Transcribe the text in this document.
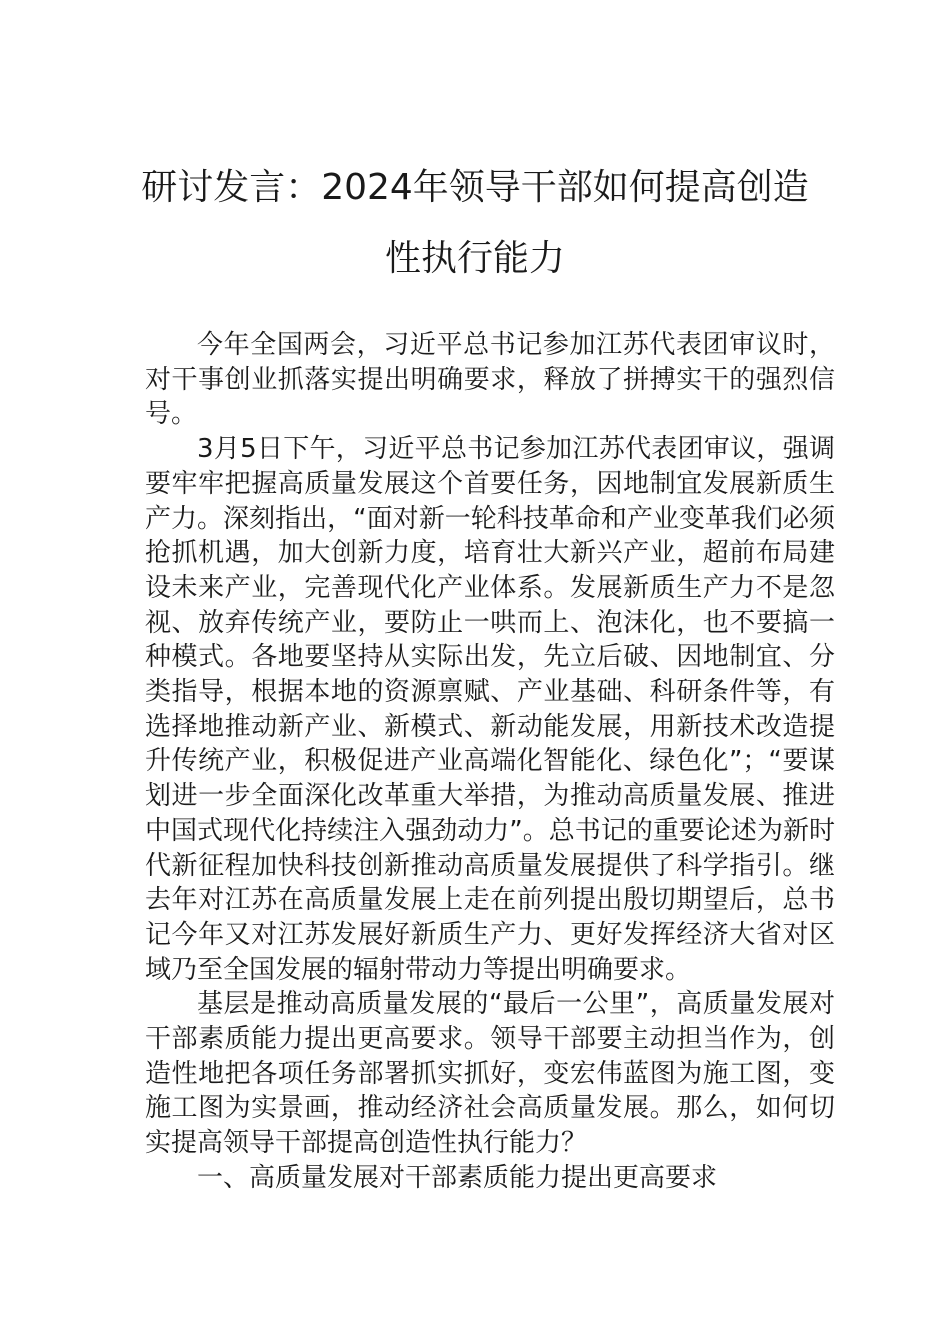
研讨发言：2024年领导干部如何提高创造
性执行能力

今年全国两会，习近平总书记参加江苏代表团审议时，对干事创业抓落实提出明确要求，释放了拼搏实干的强烈信号。

3月5日下午，习近平总书记参加江苏代表团审议，强调要牢牢把握高质量发展这个首要任务，因地制宜发展新质生产力。深刻指出，“面对新一轮科技革命和产业变革我们必须抢抓机遇，加大创新力度，培育壮大新兴产业，超前布局建设未来产业，完善现代化产业体系。发展新质生产力不是忽视、放弃传统产业，要防止一哄而上、泡沫化，也不要搞一种模式。各地要坚持从实际出发，先立后破、因地制宜、分类指导，根据本地的资源禀赋、产业基础、科研条件等，有选择地推动新产业、新模式、新动能发展，用新技术改造提升传统产业，积极促进产业高端化智能化、绿色化”；“要谋划进一步全面深化改革重大举措，为推动高质量发展、推进中国式现代化持续注入强劲动力”。总书记的重要论述为新时代新征程加快科技创新推动高质量发展提供了科学指引。继去年对江苏在高质量发展上走在前列提出殷切期望后，总书记今年又对江苏发展好新质生产力、更好发挥经济大省对区域乃至全国发展的辐射带动力等提出明确要求。

基层是推动高质量发展的“最后一公里”，高质量发展对干部素质能力提出更高要求。领导干部要主动担当作为，创造性地把各项任务部署抓实抓好，变宏伟蓝图为施工图，变施工图为实景画，推动经济社会高质量发展。那么，如何切实提高领导干部提高创造性执行能力？

一、高质量发展对干部素质能力提出更高要求
